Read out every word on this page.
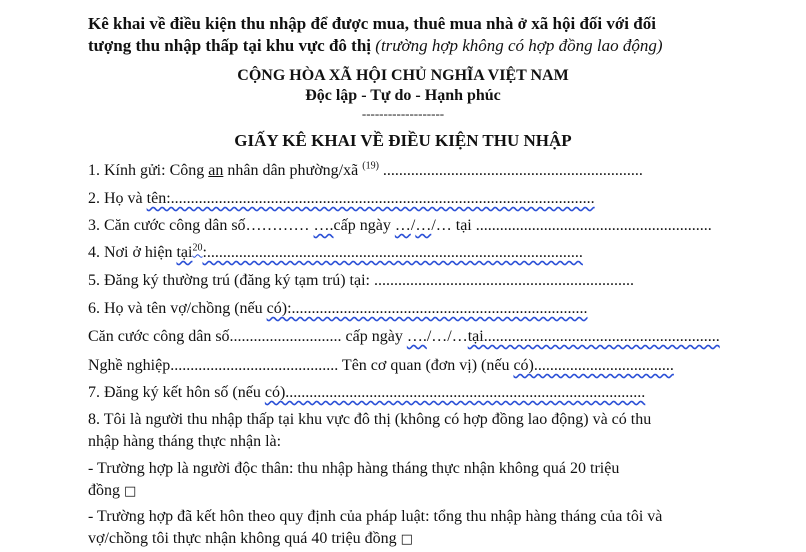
Kê khai về điều kiện thu nhập để được mua, thuê mua nhà ở xã hội đối với đối
tượng thu nhập thấp tại khu vực đô thị (trường hợp không có hợp đồng lao động)
CỘNG HÒA XÃ HỘI CHỦ NGHĨA VIỆT NAM
Độc lập - Tự do - Hạnh phúc
-------------------
GIẤY KÊ KHAI VỀ ĐIỀU KIỆN THU NHẬP
1. Kính gửi: Công an nhân dân phường/xã $^{(19)}$ .................................................................
2. Họ và tên:..........................................................................................................
3. Căn cước công dân số………… ….cấp ngày …/…/… tại ...........................................................
4. Nơi ở hiện tại$^{20}$:..............................................................................................
5. Đăng ký thường trú (đăng ký tạm trú) tại: .................................................................
6. Họ và tên vợ/chồng (nếu có):..........................................................................
Căn cước công dân số............................ cấp ngày …./…/…tại...........................................................
Nghề nghiệp.......................................... Tên cơ quan (đơn vị) (nếu có)...................................
7. Đăng ký kết hôn số (nếu có)..........................................................................................
8. Tôi là người thu nhập thấp tại khu vực đô thị (không có hợp đồng lao động) và có thu
nhập hàng tháng thực nhận là:
- Trường hợp là người độc thân: thu nhập hàng tháng thực nhận không quá 20 triệu
đồng □
- Trường hợp đã kết hôn theo quy định của pháp luật: tổng thu nhập hàng tháng của tôi và
vợ/chồng tôi thực nhận không quá 40 triệu đồng □
